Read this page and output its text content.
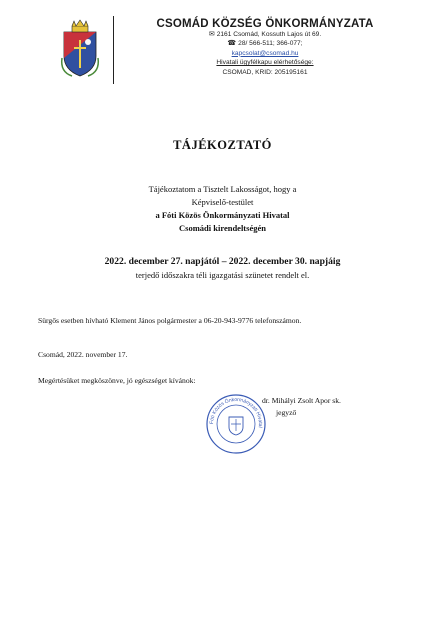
CSOMÁD KÖZSÉG ÖNKORMÁNYZATA
✉ 2161 Csomád, Kossuth Lajos út 69.
☎ 28/ 566-511; 366-077;
kapcsolat@csomad.hu
Hivatali ügyfélkapu elérhetősége:
CSOMAD, KRID: 205195161
TÁJÉKOZTATÓ
Tájékoztatom a Tisztelt Lakosságot, hogy a
Képviselő-testület
a Fóti Közös Önkormányzati Hivatal
Csomádi kirendeltségén
2022. december 27. napjától – 2022. december 30. napjáig
terjedő időszakra téli igazgatási szünetet rendelt el.
Sürgős esetben hívható Klement János polgármester a 06-20-943-9776 telefonszámon.
Csomád, 2022. november 17.
Megértésüket megköszönve, jó egészséget kívánok:
Fóti Közös Önkormányzati Hivatal
dr. Mihályi Zsolt Apor sk.
jegyző
